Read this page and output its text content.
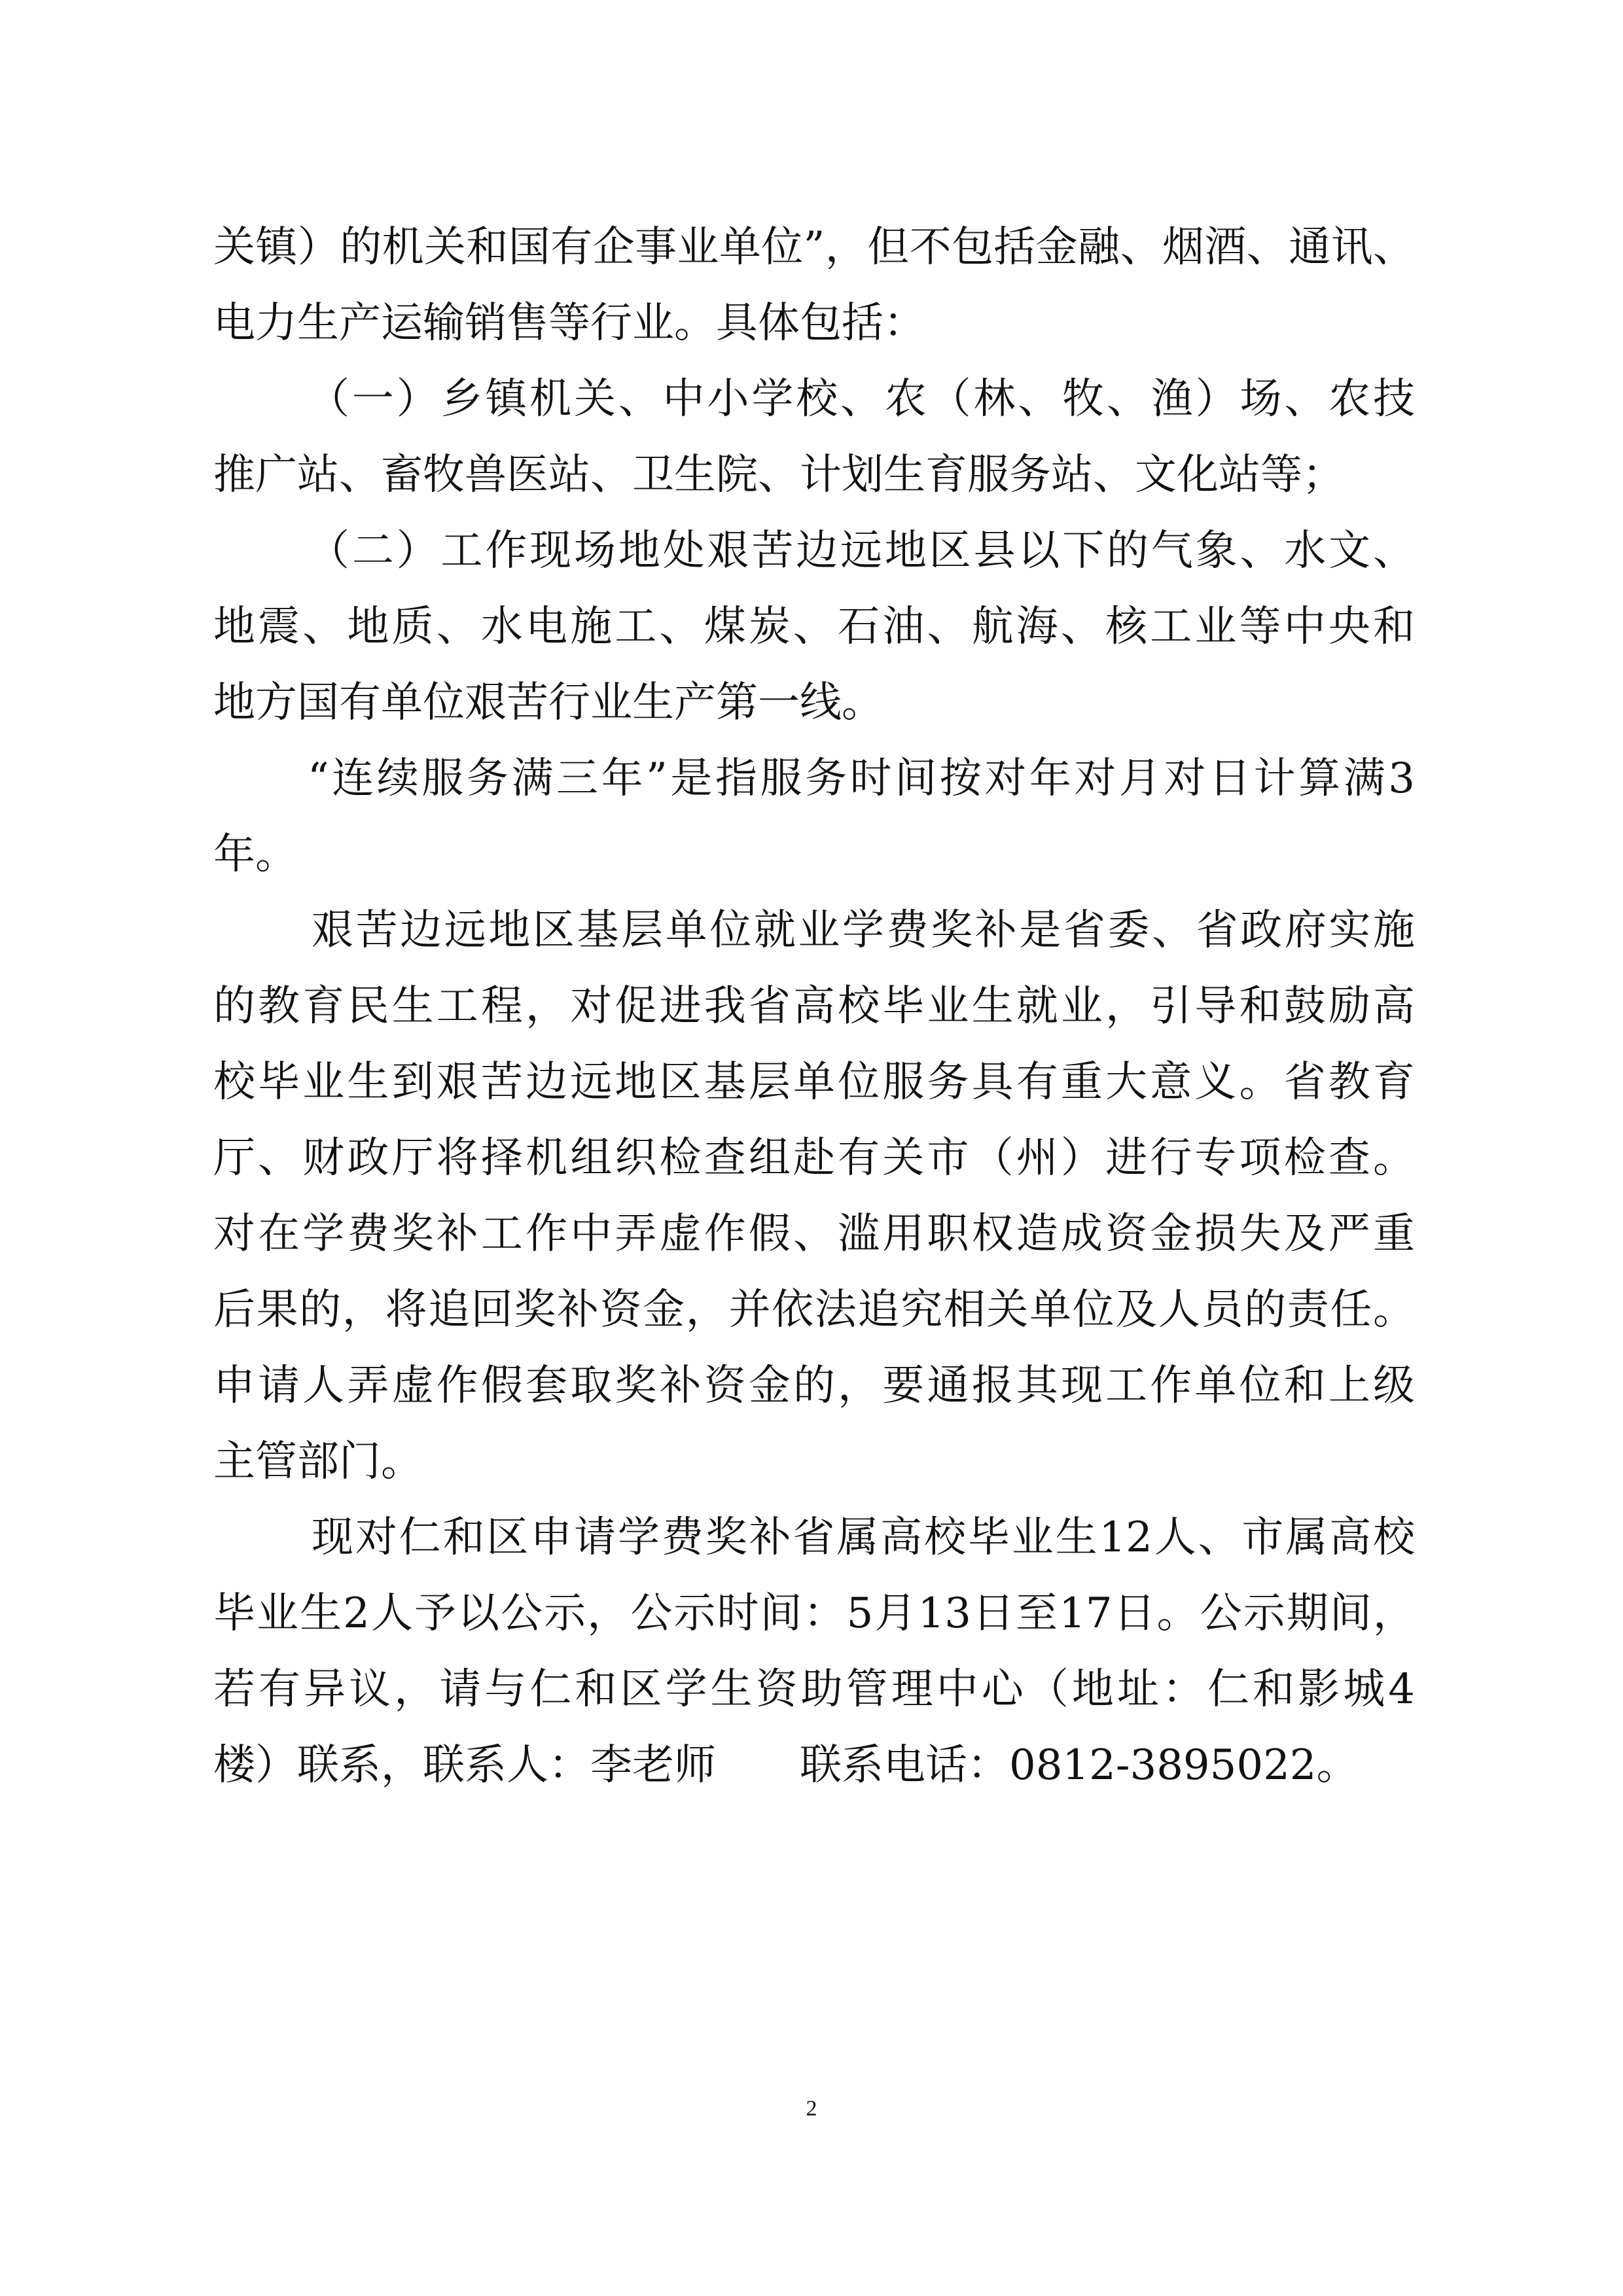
关镇）的机关和国有企事业单位”，但不包括金融、烟酒、通讯、
电力生产运输销售等行业。具体包括：
（一）乡镇机关、中小学校、农（林、牧、渔）场、农技
推广站、畜牧兽医站、卫生院、计划生育服务站、文化站等；
（二）工作现场地处艰苦边远地区县以下的气象、水文、
地震、地质、水电施工、煤炭、石油、航海、核工业等中央和
地方国有单位艰苦行业生产第一线。
“连续服务满三年”是指服务时间按对年对月对日计算满3
年。
艰苦边远地区基层单位就业学费奖补是省委、省政府实施
的教育民生工程，对促进我省高校毕业生就业，引导和鼓励高
校毕业生到艰苦边远地区基层单位服务具有重大意义。省教育
厅、财政厅将择机组织检查组赴有关市（州）进行专项检查。
对在学费奖补工作中弄虚作假、滥用职权造成资金损失及严重
后果的，将追回奖补资金，并依法追究相关单位及人员的责任。
申请人弄虚作假套取奖补资金的，要通报其现工作单位和上级
主管部门。
现对仁和区申请学费奖补省属高校毕业生12人、市属高校
毕业生2人予以公示，公示时间：5月13日至17日。公示期间，
若有异议，请与仁和区学生资助管理中心（地址：仁和影城4
楼）联系，联系人：李老师　　联系电话：0812-3895022。
2
